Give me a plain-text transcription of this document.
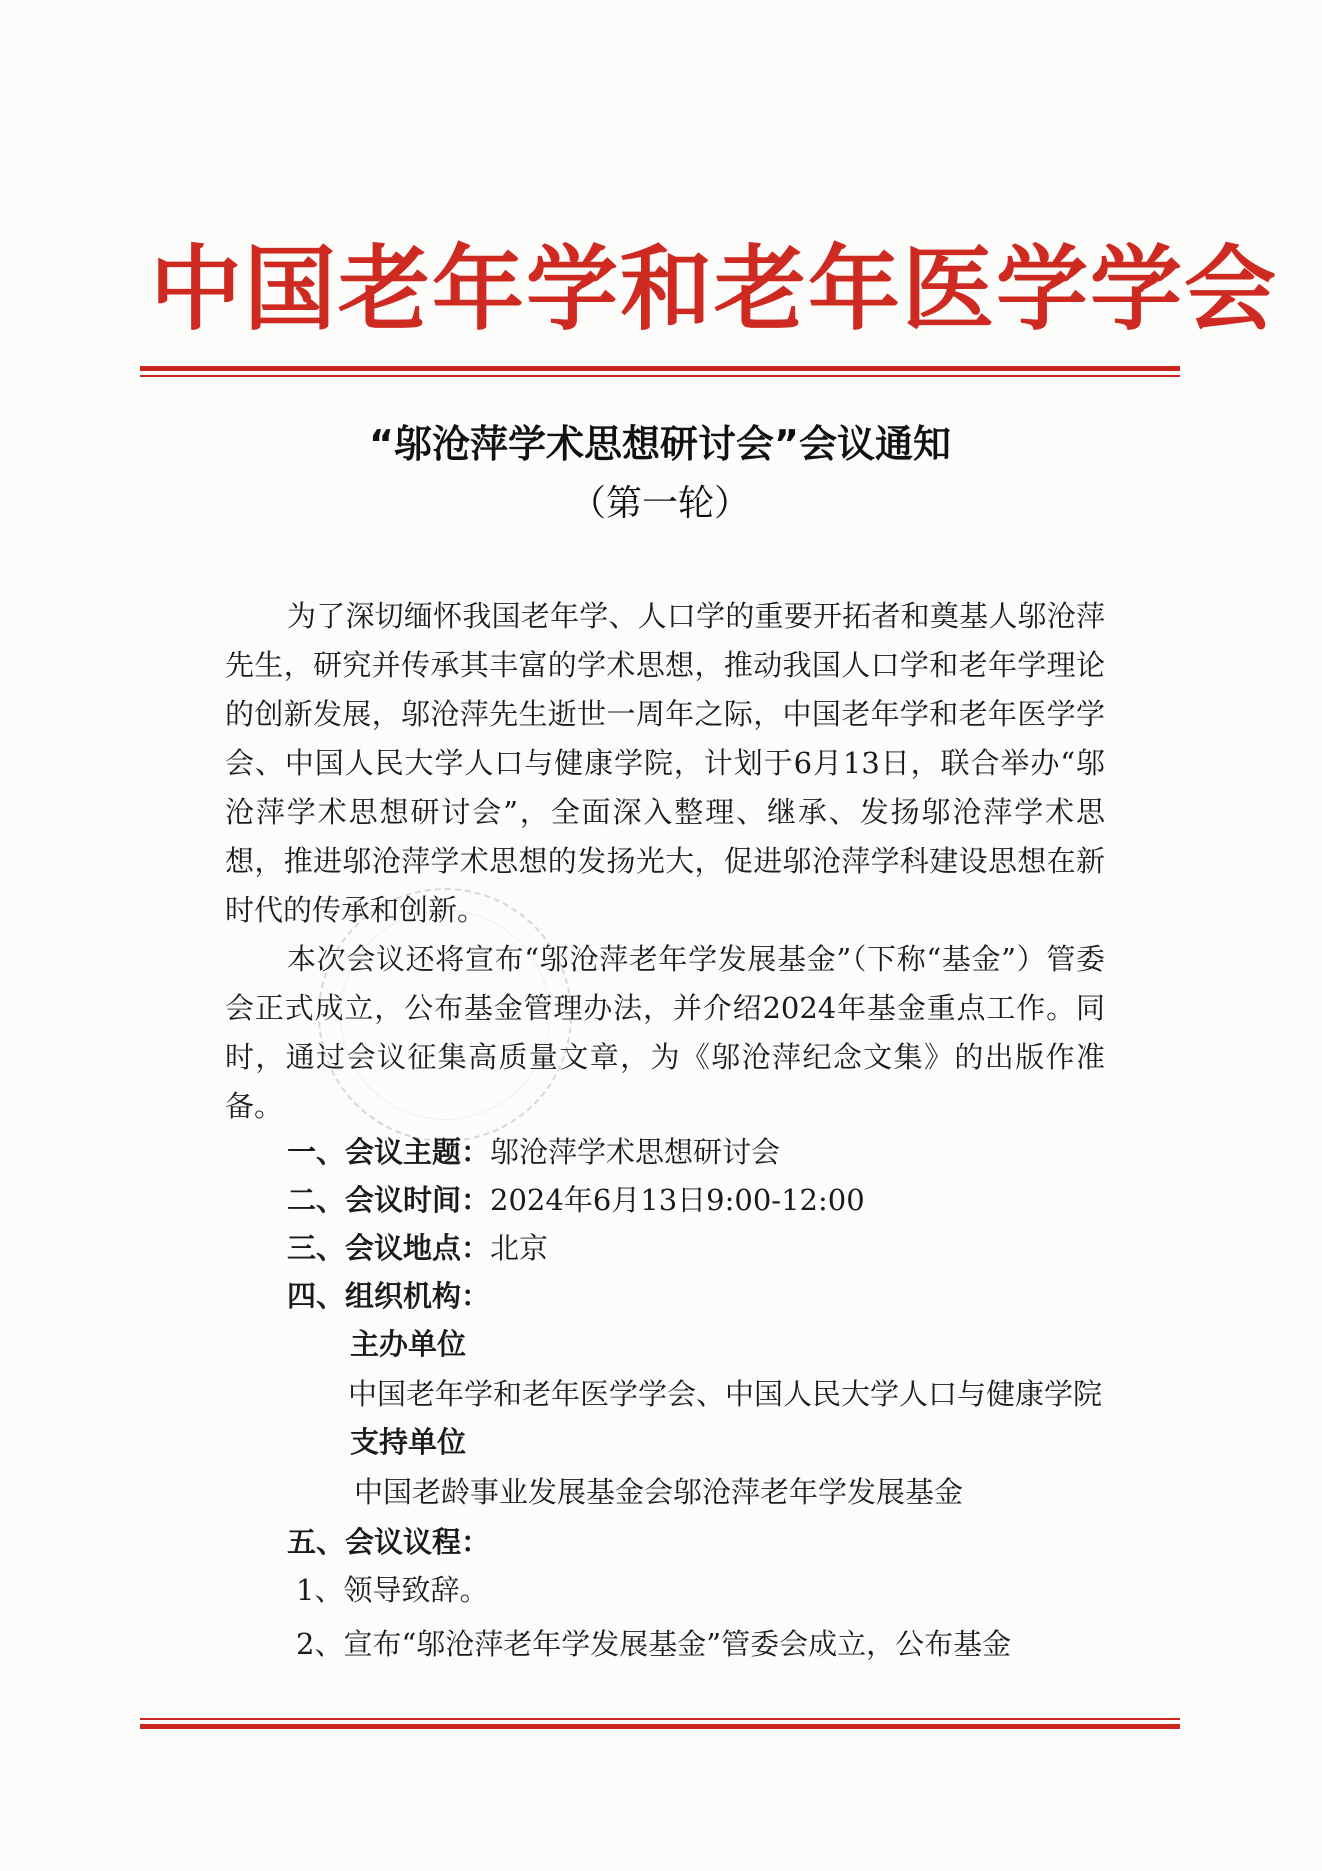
中国老年学和老年医学学会
“邬沧萍学术思想研讨会”会议通知
（第一轮）
为了深切缅怀我国老年学、人口学的重要开拓者和奠基人邬沧萍先生，研究并传承其丰富的学术思想，推动我国人口学和老年学理论的创新发展，邬沧萍先生逝世一周年之际，中国老年学和老年医学学会、中国人民大学人口与健康学院，计划于6月13日，联合举办“邬沧萍学术思想研讨会”，全面深入整理、继承、发扬邬沧萍学术思想，推进邬沧萍学术思想的发扬光大，促进邬沧萍学科建设思想在新时代的传承和创新。
本次会议还将宣布“邬沧萍老年学发展基金”（下称“基金”）管委会正式成立，公布基金管理办法，并介绍2024年基金重点工作。同时，通过会议征集高质量文章，为《邬沧萍纪念文集》的出版作准备。
一、会议主题：邬沧萍学术思想研讨会
二、会议时间：2024年6月13日9:00-12:00
三、会议地点：北京
四、组织机构：
主办单位
中国老年学和老年医学学会、中国人民大学人口与健康学院
支持单位
中国老龄事业发展基金会邬沧萍老年学发展基金
五、会议议程：
1、领导致辞。
2、宣布“邬沧萍老年学发展基金”管委会成立，公布基金
